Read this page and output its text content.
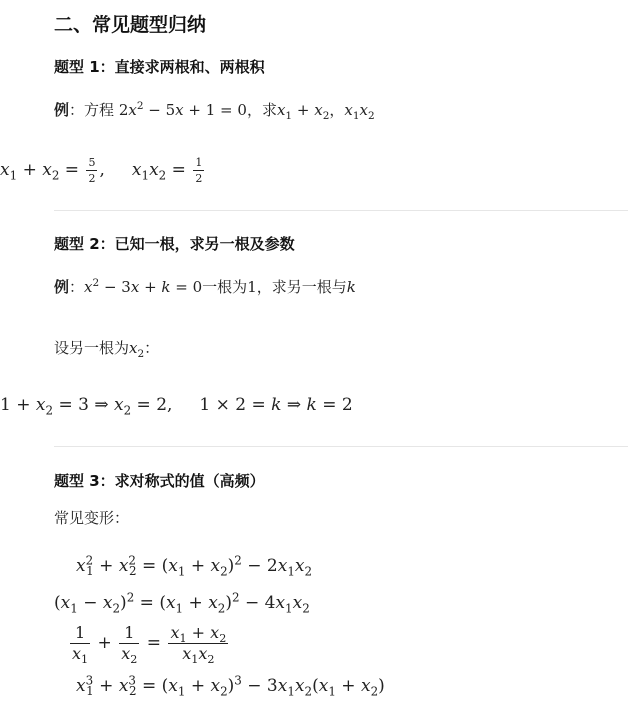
二、常见题型归纳
题型 1：直接求两根和、两根积
例：方程 $2x^2 - 5x + 1 = 0$，求$x_1 + x_2$，$x_1x_2$
$x_1 + x_2 = \frac{5}{2}$ ,     $x_1x_2 = \frac{1}{2}$
题型 2：已知一根，求另一根及参数
例：$x^2 - 3x + k = 0$一根为1，求另一根与k
设另一根为$x_2$：
$1 + x_2 = 3$ ⇒ $x_2 = 2$,     1 × 2 = k ⇒ k = 2
题型 3：求对称式的值（高频）
常见变形：
$x^2_1 + x^2_2 = (x_1 + x_2)^2 - 2x_1x_2$
$(x_1 - x_2)^2 = (x_1 + x_2)^2 - 4x_1x_2$
$\frac{1}{x_1} + \frac{1}{x_2} = \frac{x_1 + x_2}{x_1x_2}$
$x^3_1 + x^3_2 = (x_1 + x_2)^3 - 3x_1x_2(x_1 + x_2)$
